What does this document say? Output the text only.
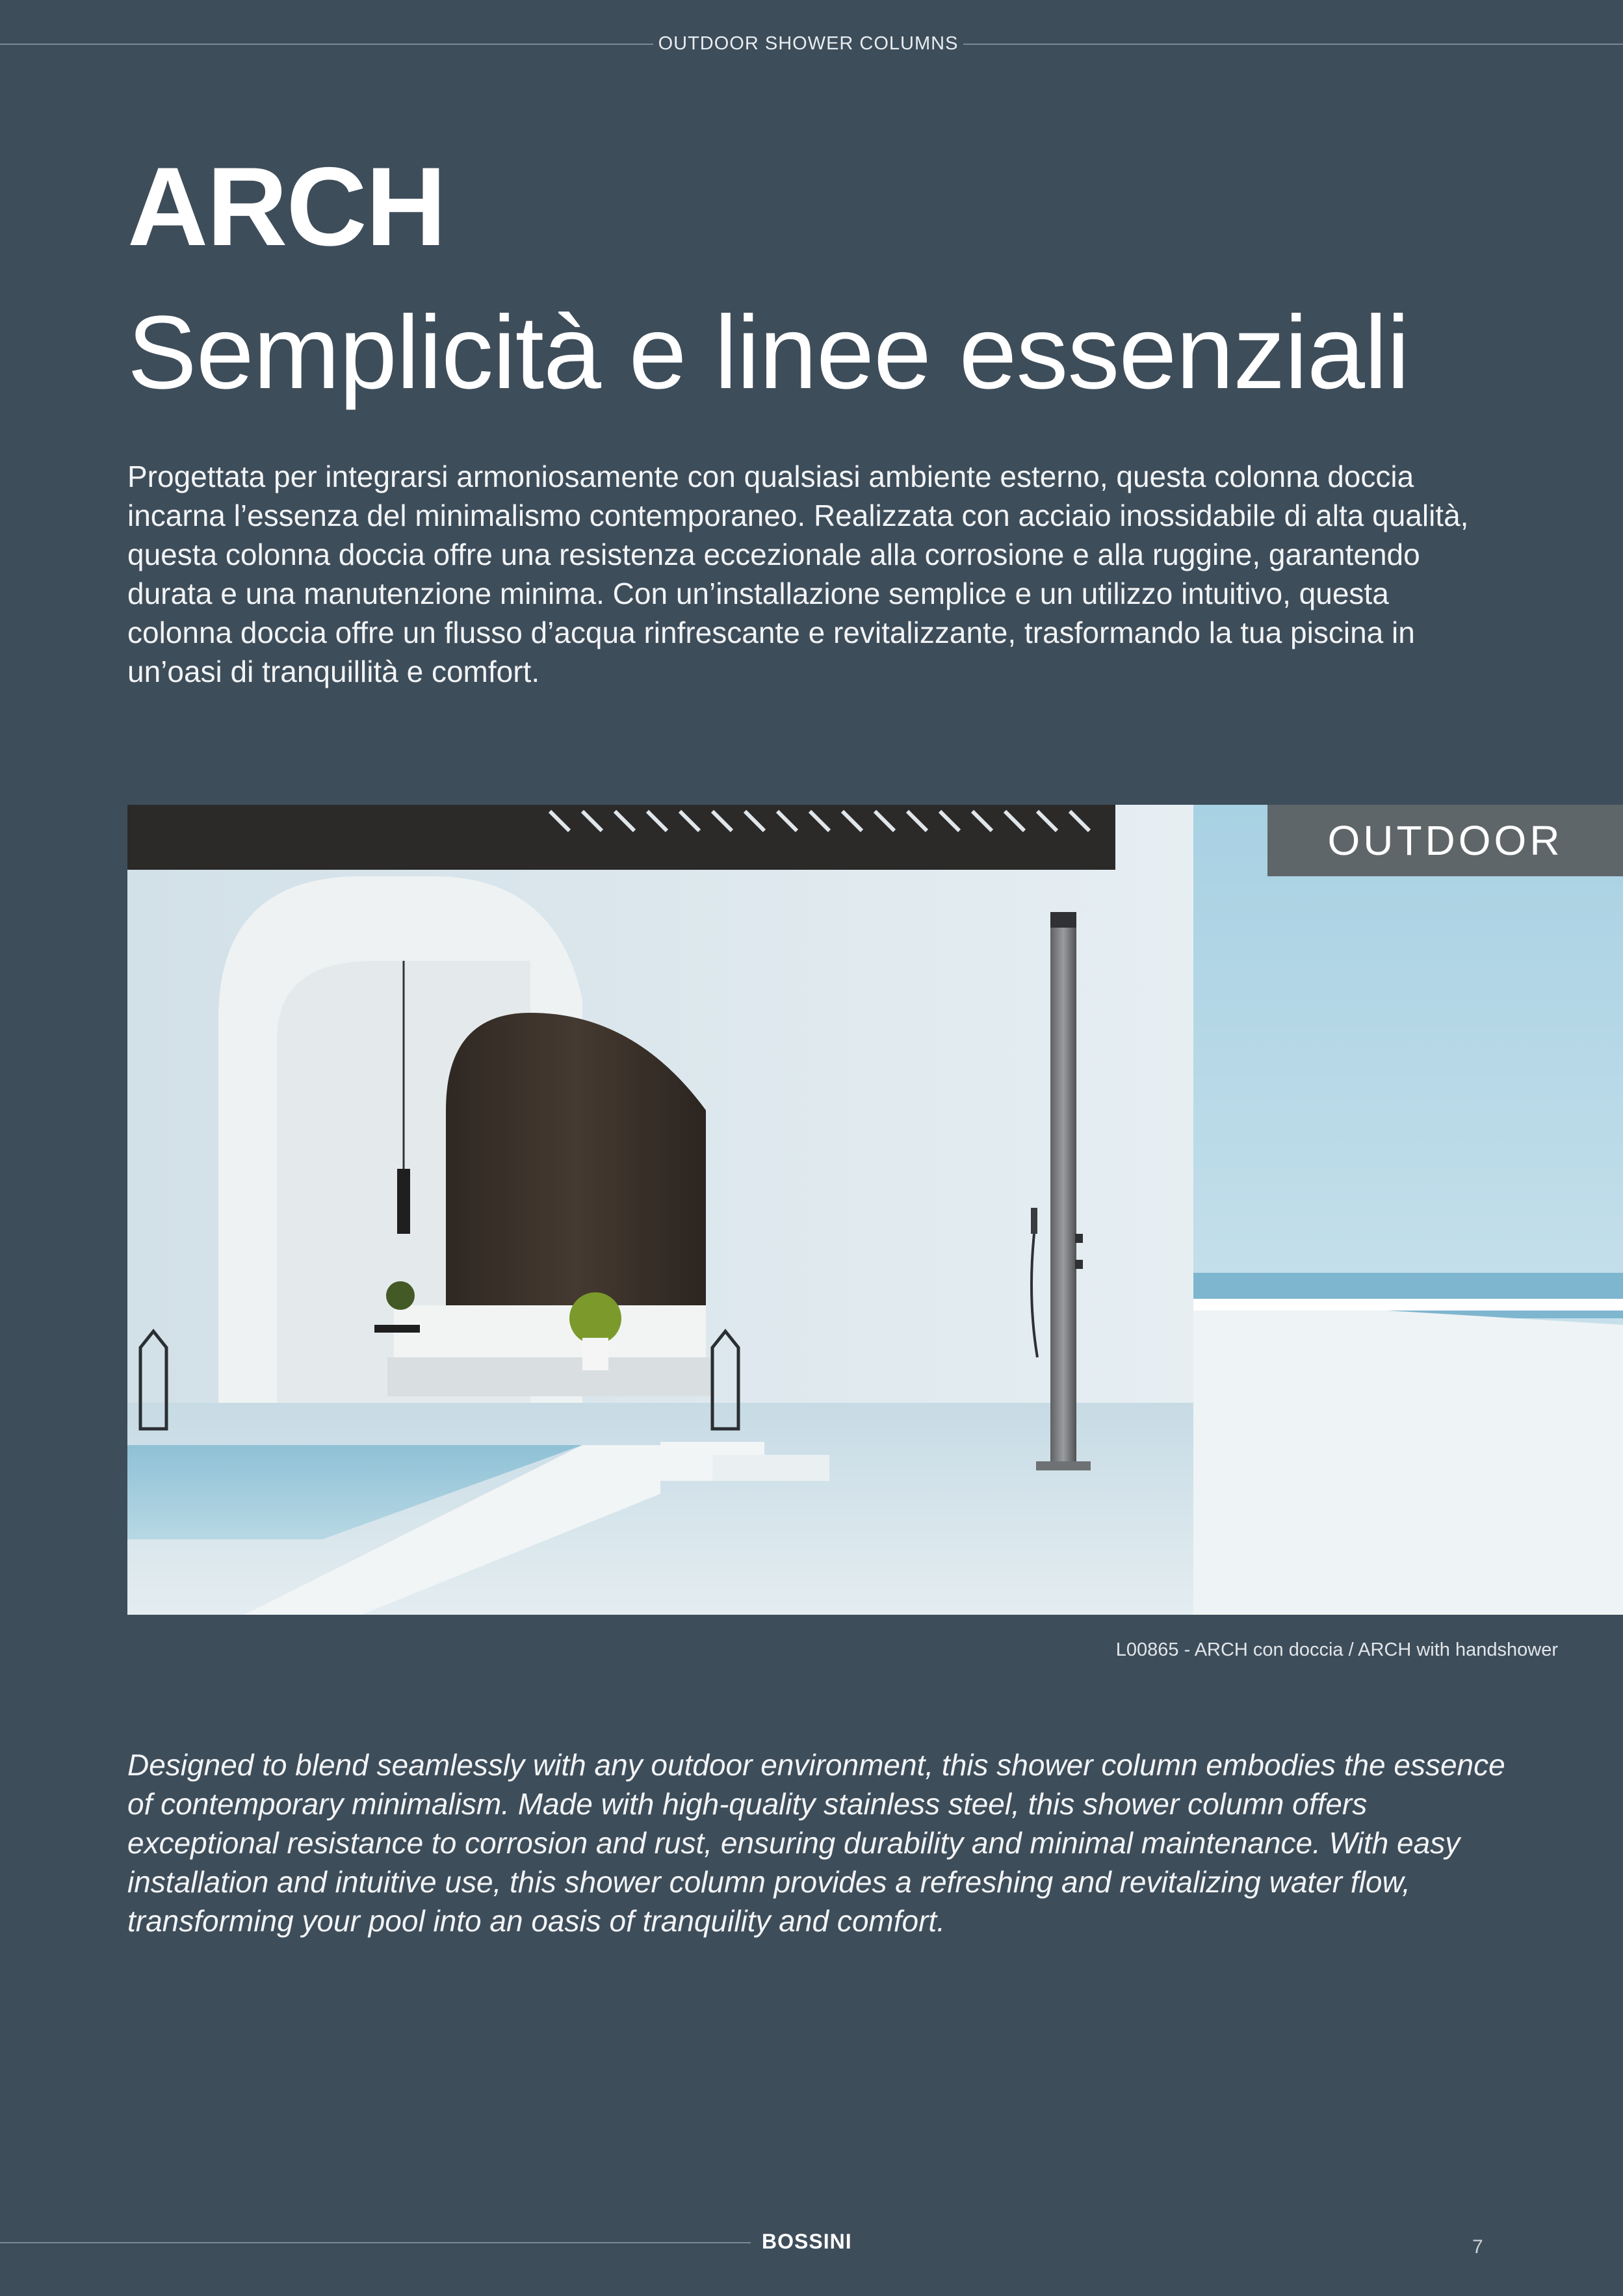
OUTDOOR SHOWER COLUMNS
ARCH
Semplicità e linee essenziali

Progettata per integrarsi armoniosamente con qualsiasi ambiente esterno, questa colonna doccia incarna l’essenza del minimalismo contemporaneo. Realizzata con acciaio inossidabile di alta qualità, questa colonna doccia offre una resistenza eccezionale alla corrosione e alla ruggine, garantendo durata e una manutenzione minima. Con un’installazione semplice e un utilizzo intuitivo, questa colonna doccia offre un flusso d’acqua rinfrescante e revitalizzante, trasformando la tua piscina in un’oasi di tranquillità e comfort.

OUTDOOR

L00865 - ARCH con doccia / ARCH with handshower

Designed to blend seamlessly with any outdoor environment, this shower column embodies the essence of contemporary minimalism. Made with high-quality stainless steel, this shower column offers exceptional resistance to corrosion and rust, ensuring durability and minimal maintenance. With easy installation and intuitive use, this shower column provides a refreshing and revitalizing water flow, transforming your pool into an oasis of tranquility and comfort.

BOSSINI	7
